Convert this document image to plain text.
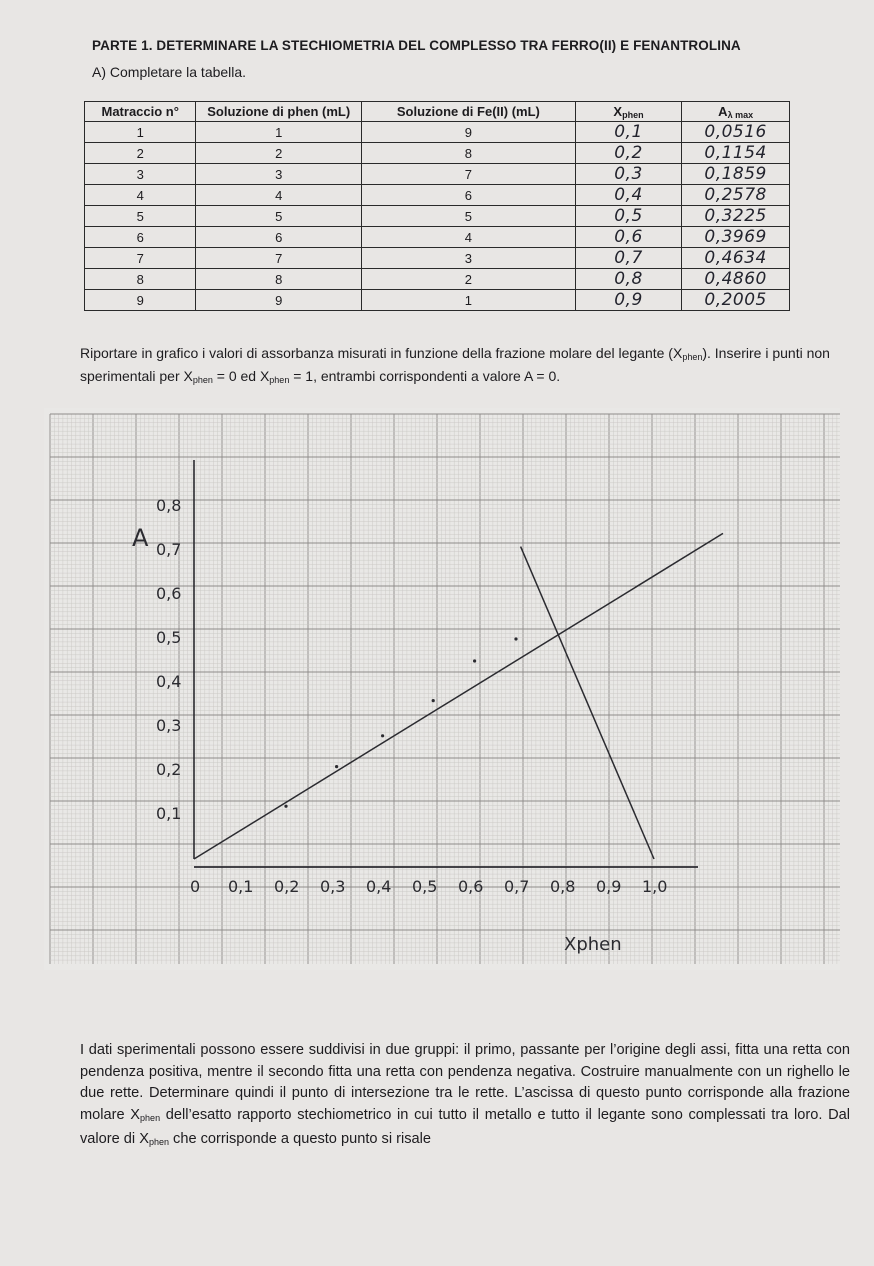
PARTE 1. DETERMINARE LA STECHIOMETRIA DEL COMPLESSO TRA FERRO(II) E FENANTROLINA
A) Completare la tabella.
Matraccio n°	Soluzione di phen (mL)	Soluzione di Fe(II) (mL)	$X_{phen}$	$A_{\lambda max}$
1	1	9	0,1	0,0516
2	2	8	0,2	0,1154
3	3	7	0,3	0,1859
4	4	6	0,4	0,2578
5	5	5	0,5	0,3225
6	6	4	0,6	0,3969
7	7	3	0,7	0,4634
8	8	2	0,8	0,4860
9	9	1	0,9	0,2005
Riportare in grafico i valori di assorbanza misurati in funzione della frazione molare del legante $(X_{phen})$. Inserire i punti non sperimentali per $X_{phen} = 0$ ed $X_{phen} = 1$, entrambi corrispondenti a valore A = 0.
0,1
0,2
0,3
0,4
0,5
0,6
0,7
0,8
0 0,1 0,2 0,3 0,4 0,5 0,6 0,7 0,8 0,9 1,0
A
Xphen
I dati sperimentali possono essere suddivisi in due gruppi: il primo, passante per l’origine degli assi, fitta una retta con pendenza positiva, mentre il secondo fitta una retta con pendenza negativa. Costruire manualmente con un righello le due rette. Determinare quindi il punto di intersezione tra le rette. L’ascissa di questo punto corrisponde alla frazione molare $X_{phen}$ dell’esatto rapporto stechiometrico in cui tutto il metallo e tutto il legante sono complessati tra loro. Dal valore di $X_{phen}$ che corrisponde a questo punto si risale
